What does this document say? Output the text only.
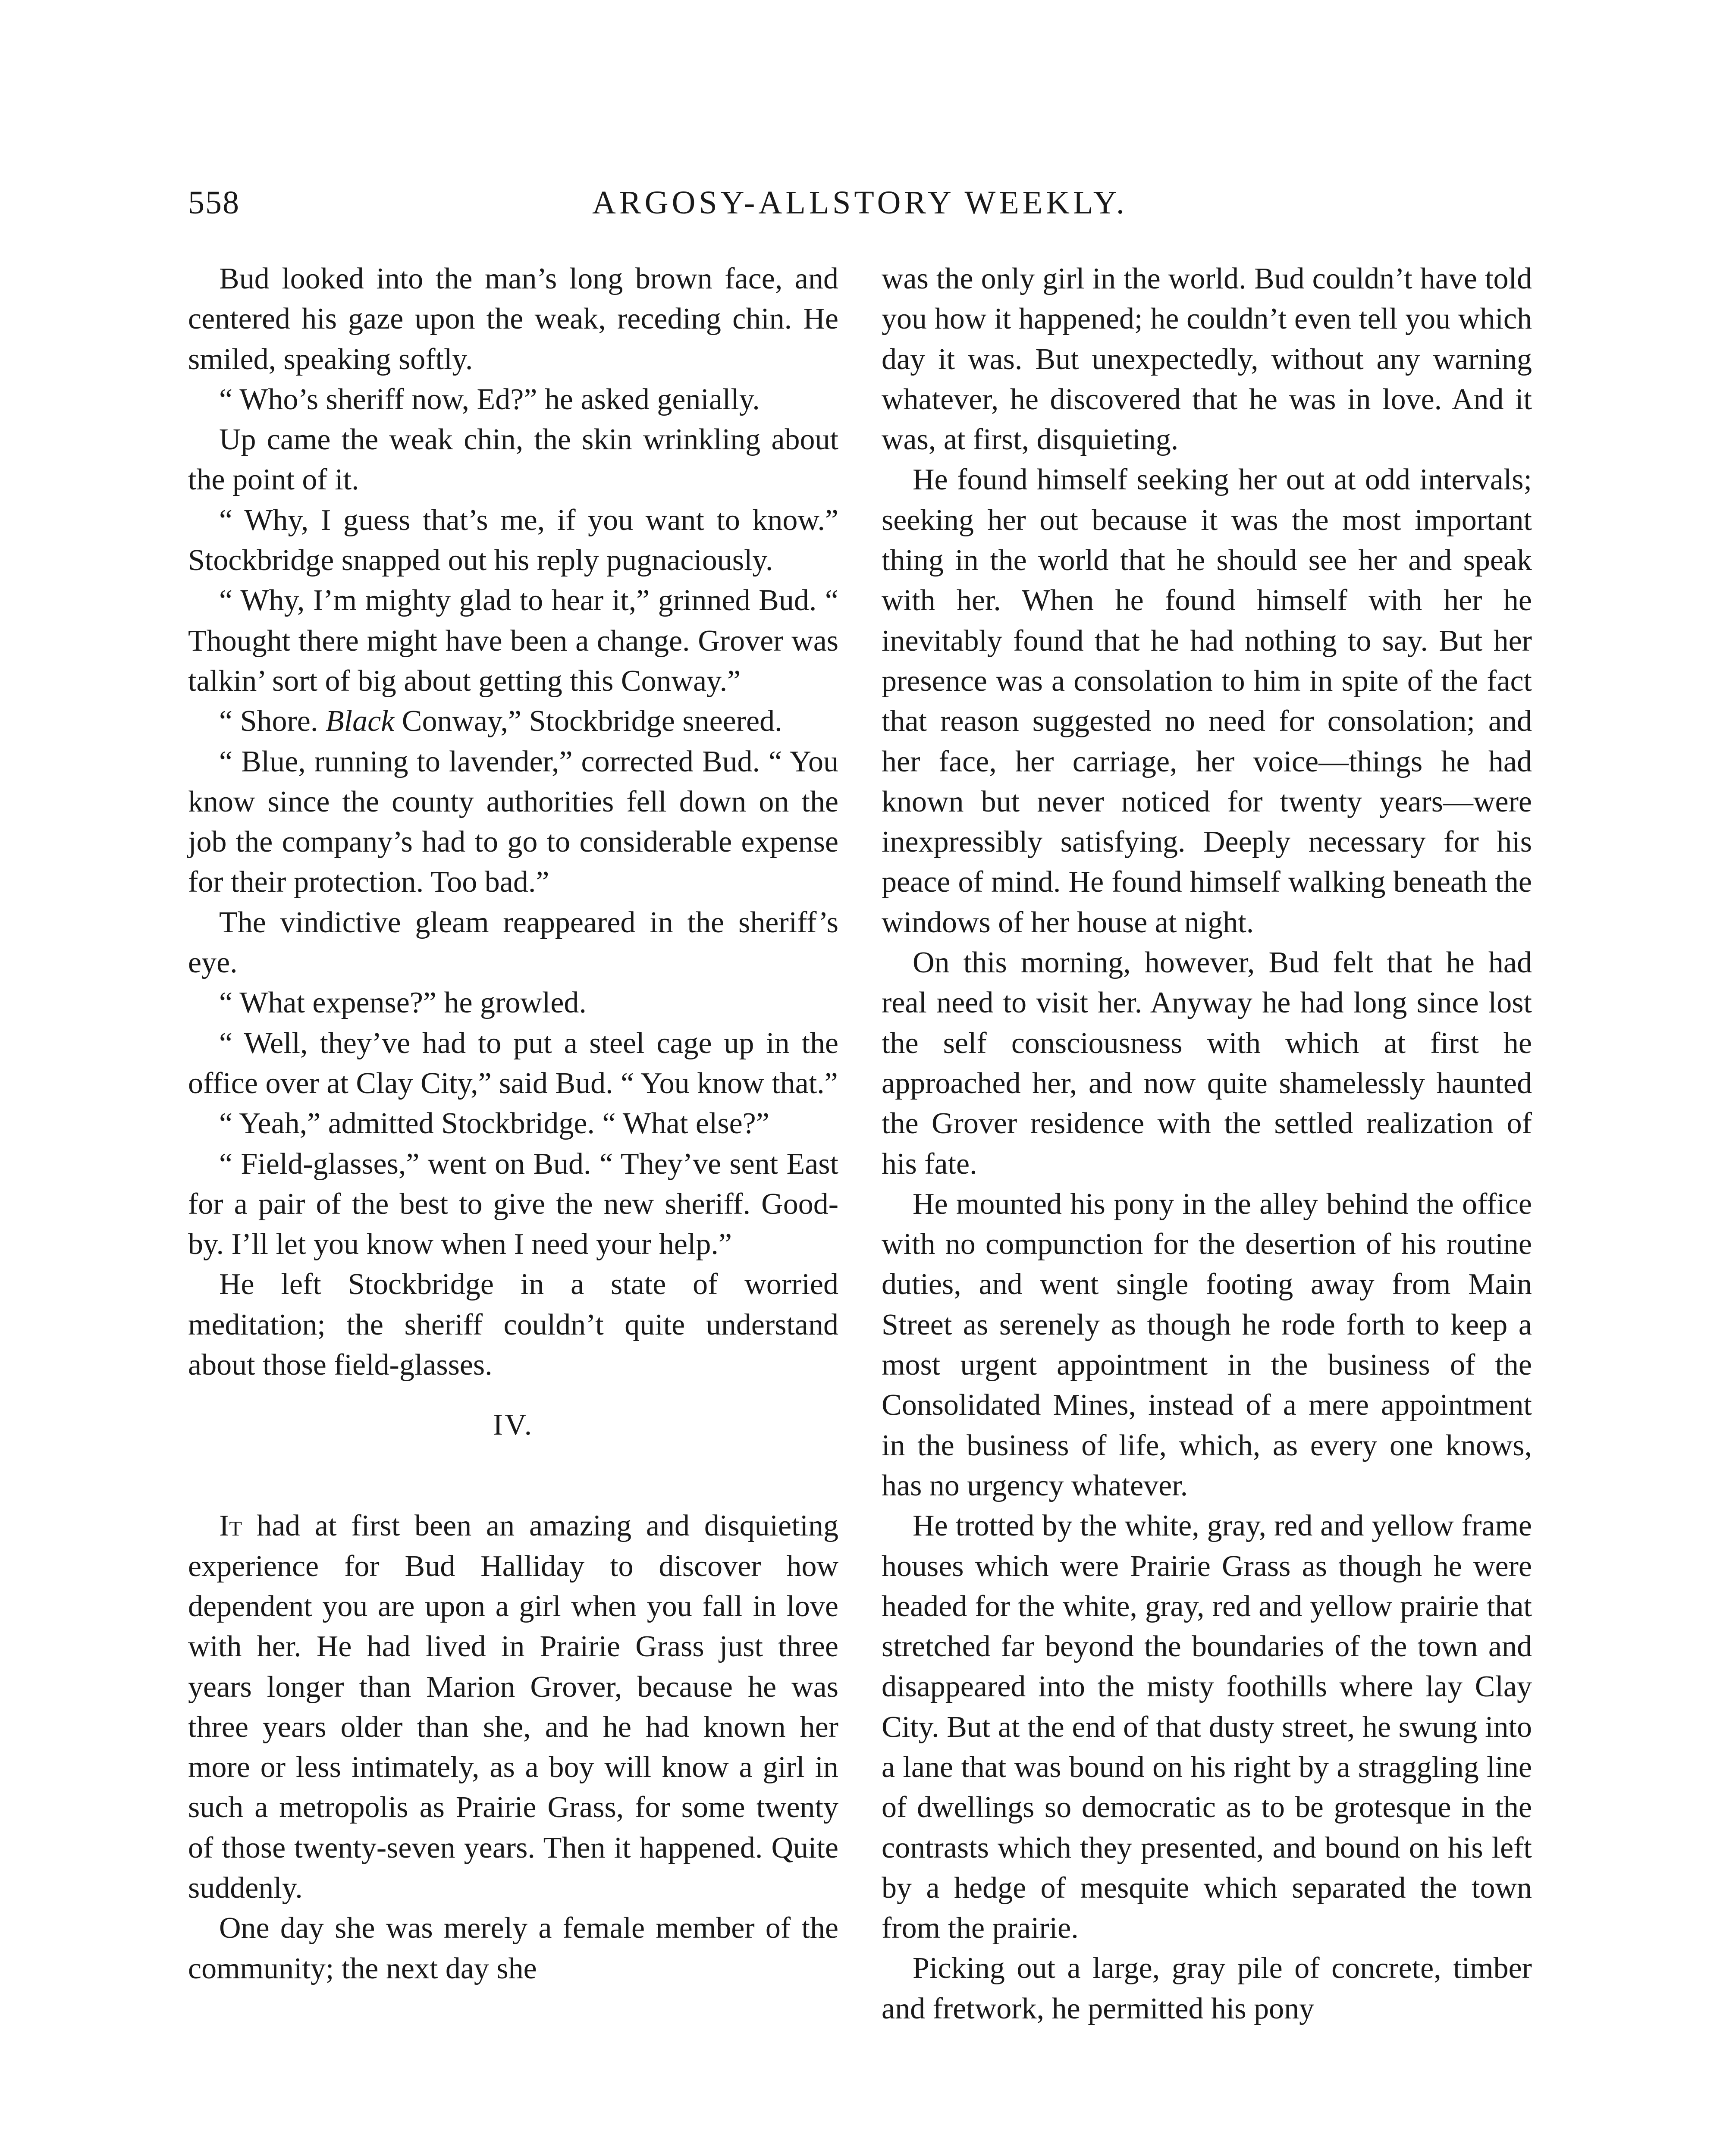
558	ARGOSY-ALLSTORY WEEKLY.

Bud looked into the man’s long brown face, and centered his gaze upon the weak, receding chin. He smiled, speaking softly.

“ Who’s sheriff now, Ed?” he asked genially.

Up came the weak chin, the skin wrinkling about the point of it.

“ Why, I guess that’s me, if you want to know.” Stockbridge snapped out his reply pugnaciously.

“ Why, I’m mighty glad to hear it,” grinned Bud. “ Thought there might have been a change. Grover was talkin’ sort of big about getting this Conway.”

“ Shore. Black Conway,” Stockbridge sneered.

“ Blue, running to lavender,” corrected Bud. “ You know since the county authorities fell down on the job the company’s had to go to considerable expense for their protection. Too bad.”

The vindictive gleam reappeared in the sheriff’s eye.

“ What expense?” he growled.

“ Well, they’ve had to put a steel cage up in the office over at Clay City,” said Bud. “ You know that.”

“ Yeah,” admitted Stockbridge. “ What else?”

“ Field-glasses,” went on Bud. “ They’ve sent East for a pair of the best to give the new sheriff. Good-by. I’ll let you know when I need your help.”

He left Stockbridge in a state of worried meditation; the sheriff couldn’t quite understand about those field-glasses.

IV.

It had at first been an amazing and disquieting experience for Bud Halliday to discover how dependent you are upon a girl when you fall in love with her. He had lived in Prairie Grass just three years longer than Marion Grover, because he was three years older than she, and he had known her more or less intimately, as a boy will know a girl in such a metropolis as Prairie Grass, for some twenty of those twenty-seven years. Then it happened. Quite suddenly.

One day she was merely a female member of the community; the next day she

was the only girl in the world. Bud couldn’t have told you how it happened; he couldn’t even tell you which day it was. But unexpectedly, without any warning whatever, he discovered that he was in love. And it was, at first, disquieting.

He found himself seeking her out at odd intervals; seeking her out because it was the most important thing in the world that he should see her and speak with her. When he found himself with her he inevitably found that he had nothing to say. But her presence was a consolation to him in spite of the fact that reason suggested no need for consolation; and her face, her carriage, her voice—things he had known but never noticed for twenty years—were inexpressibly satisfying. Deeply necessary for his peace of mind. He found himself walking beneath the windows of her house at night.

On this morning, however, Bud felt that he had real need to visit her. Anyway he had long since lost the self consciousness with which at first he approached her, and now quite shamelessly haunted the Grover residence with the settled realization of his fate.

He mounted his pony in the alley behind the office with no compunction for the desertion of his routine duties, and went single footing away from Main Street as serenely as though he rode forth to keep a most urgent appointment in the business of the Consolidated Mines, instead of a mere appointment in the business of life, which, as every one knows, has no urgency whatever.

He trotted by the white, gray, red and yellow frame houses which were Prairie Grass as though he were headed for the white, gray, red and yellow prairie that stretched far beyond the boundaries of the town and disappeared into the misty foothills where lay Clay City. But at the end of that dusty street, he swung into a lane that was bound on his right by a straggling line of dwellings so democratic as to be grotesque in the contrasts which they presented, and bound on his left by a hedge of mesquite which separated the town from the prairie.

Picking out a large, gray pile of concrete, timber and fretwork, he permitted his pony
